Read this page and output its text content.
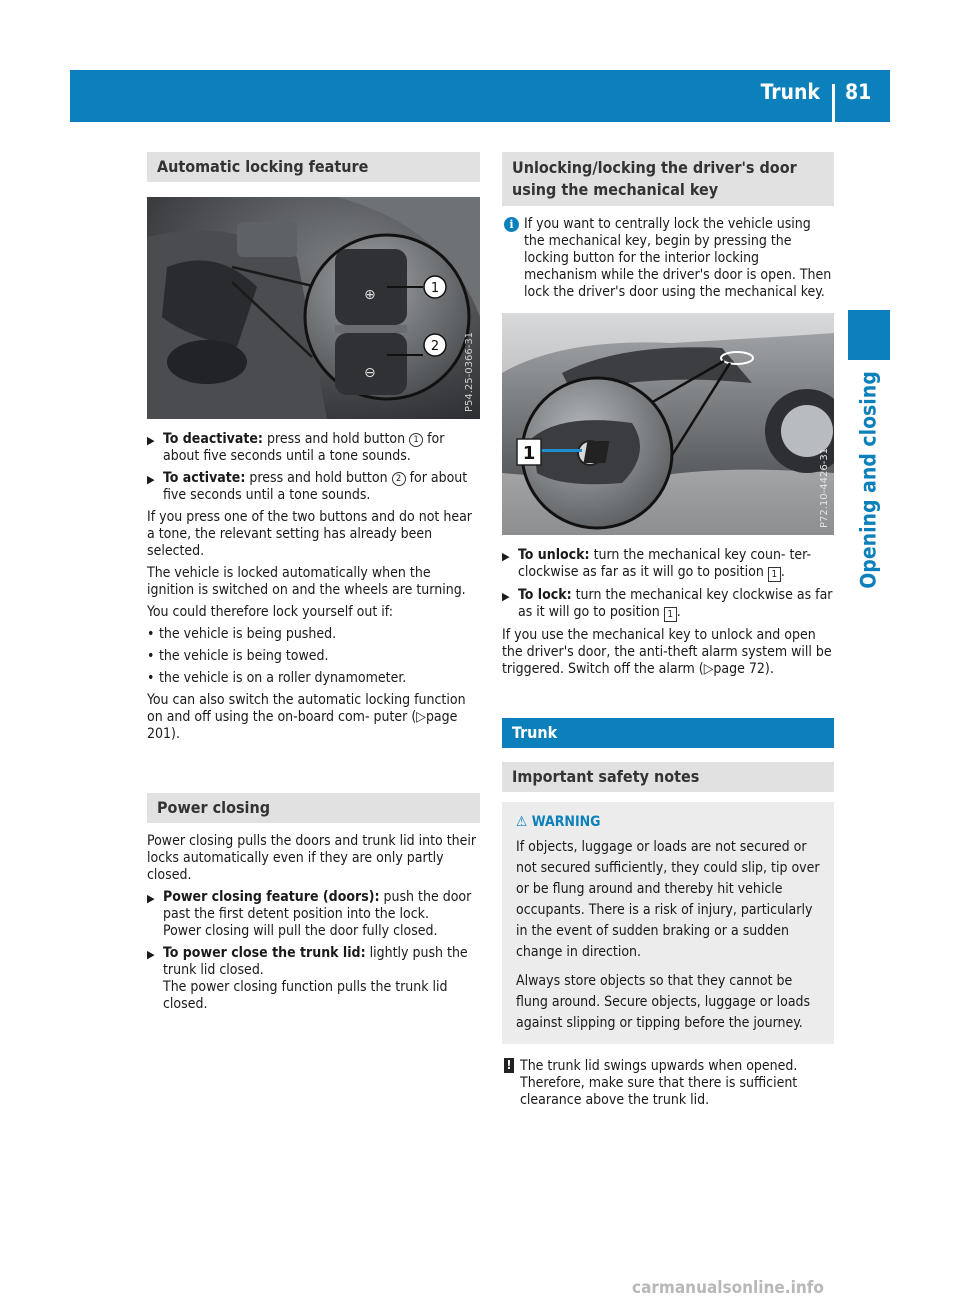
Trunk 81
Opening and closing
Automatic locking feature
⊕
⊖
1
2 P54.25-0366-31
▶ To deactivate: press and hold button 1 for about five seconds until a tone sounds.
▶ To activate: press and hold button 2 for about five seconds until a tone sounds.

If you press one of the two buttons and do not hear a tone, the relevant setting has already been selected.

The vehicle is locked automatically when the ignition is switched on and the wheels are turning.

You could therefore lock yourself out if:

• the vehicle is being pushed.
• the vehicle is being towed.
• the vehicle is on a roller dynamometer.

You can also switch the automatic locking function on and off using the on-board com- puter (▷page 201).

Power closing

Power closing pulls the doors and trunk lid into their locks automatically even if they are only partly closed.

▶ Power closing feature (doors): push the door past the first detent position into the lock.
Power closing will pull the door fully closed.
▶ To power close the trunk lid: lightly push the trunk lid closed.
The power closing function pulls the trunk lid closed.
Unlocking/locking the driver's door using the mechanical key
i If you want to centrally lock the vehicle using the mechanical key, begin by pressing the locking button for the interior locking mechanism while the driver's door is open. Then lock the driver's door using the mechanical key.
1	P72.10-4426-31
▶ To unlock: turn the mechanical key coun- ter-clockwise as far as it will go to position 1 .
▶ To lock: turn the mechanical key clockwise as far as it will go to position 1 .

If you use the mechanical key to unlock and open the driver's door, the anti-theft alarm system will be triggered. Switch off the alarm (▷page 72).

Trunk
Important safety notes
⚠ WARNING

If objects, luggage or loads are not secured or not secured sufficiently, they could slip, tip over or be flung around and thereby hit vehicle occupants. There is a risk of injury, particularly in the event of sudden braking or a sudden change in direction.

Always store objects so that they cannot be flung around. Secure objects, luggage or loads against slipping or tipping before the journey.

! The trunk lid swings upwards when opened. Therefore, make sure that there is sufficient clearance above the trunk lid.
carmanualsonline.info
